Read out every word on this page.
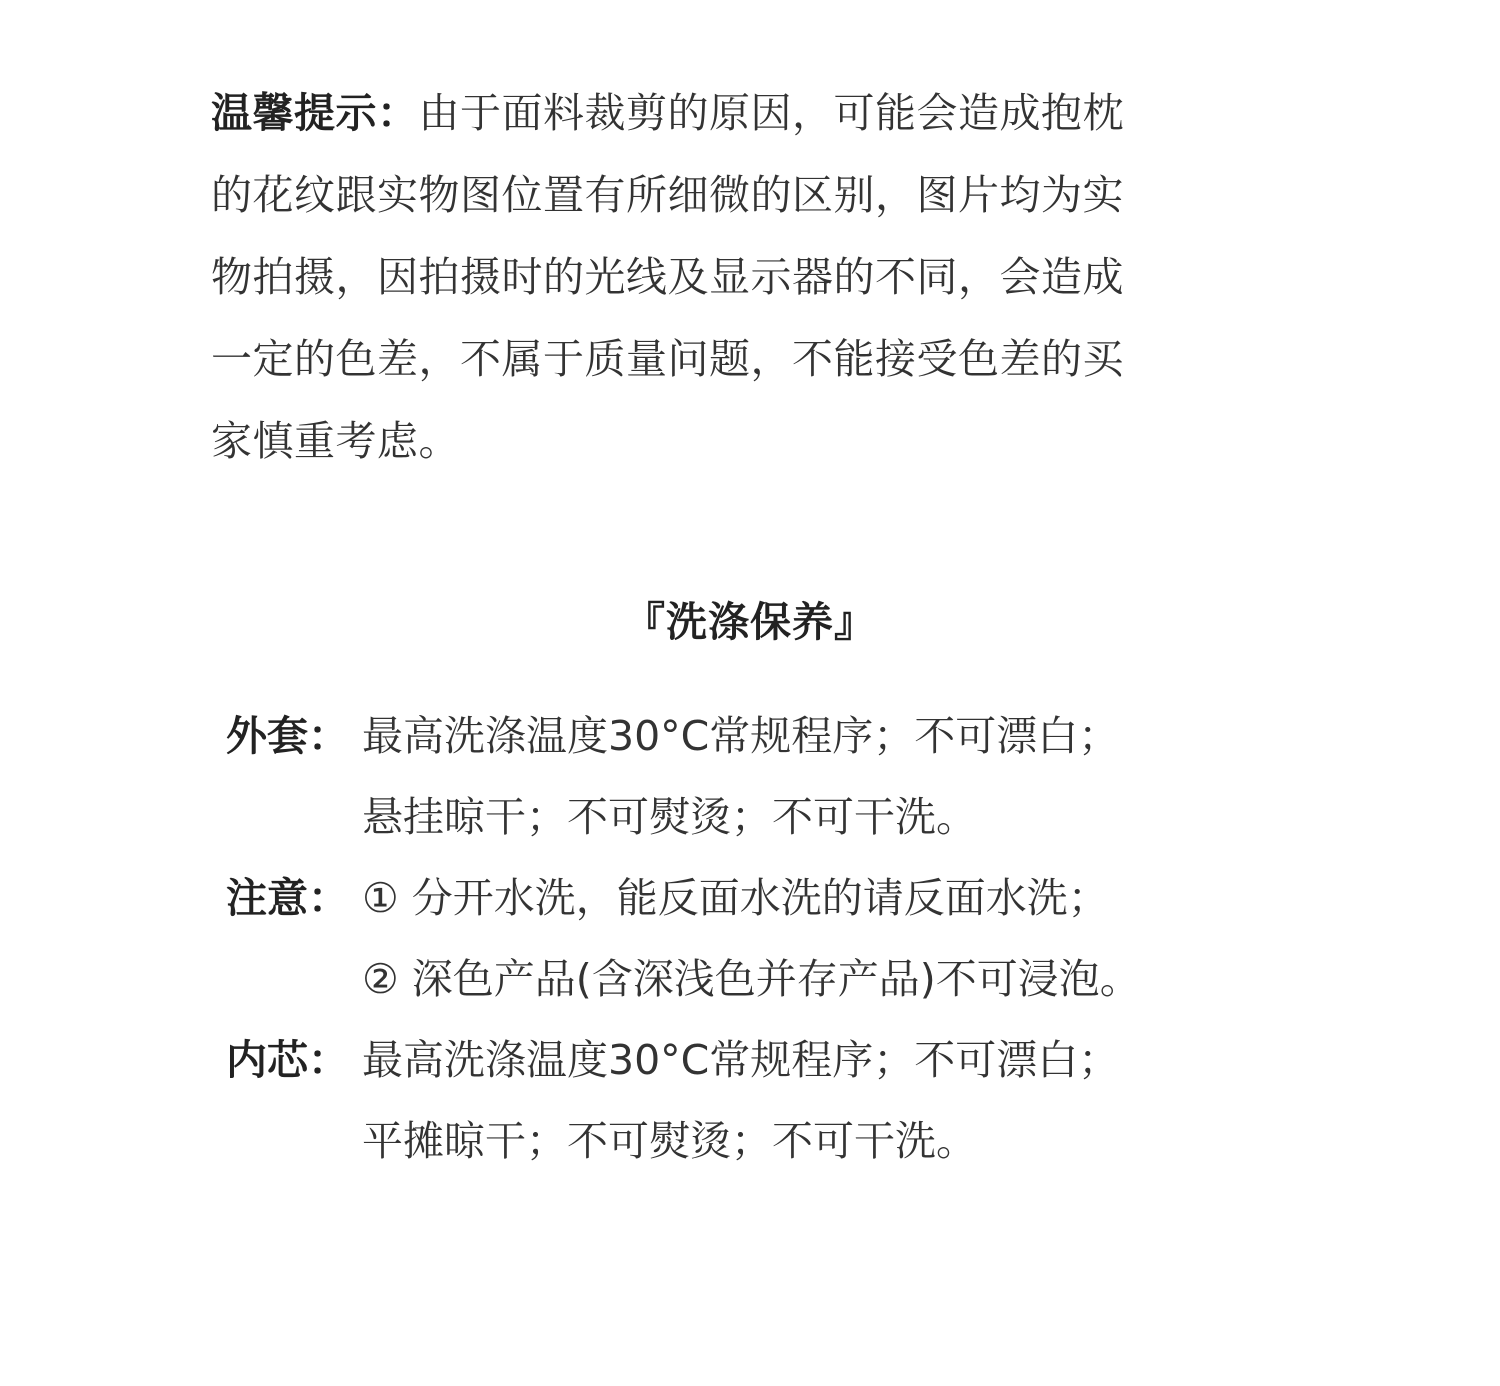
温馨提示：由于面料裁剪的原因，可能会造成抱枕
的花纹跟实物图位置有所细微的区别，图片均为实
物拍摄，因拍摄时的光线及显示器的不同，会造成
一定的色差，不属于质量问题，不能接受色差的买
家慎重考虑。
『洗涤保养』
外套： 最高洗涤温度30°C常规程序；不可漂白；
悬挂晾干；不可熨烫；不可干洗。
注意： ① 分开水洗，能反面水洗的请反面水洗；
② 深色产品(含深浅色并存产品)不可浸泡。
内芯： 最高洗涤温度30°C常规程序；不可漂白；
平摊晾干；不可熨烫；不可干洗。
